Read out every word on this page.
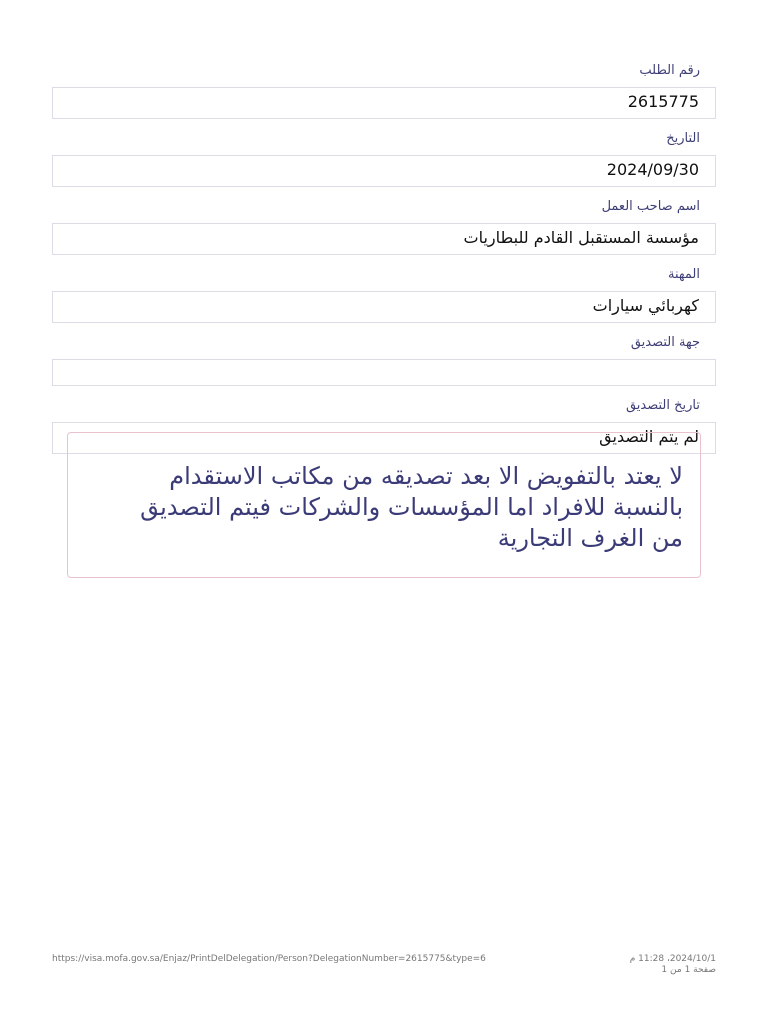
رقم الطلب
2615775
التاريخ
2024/09/30
اسم صاحب العمل
مؤسسة المستقبل القادم للبطاريات
المهنة
كهربائي سيارات
جهة التصديق
تاريخ التصديق
لم يتم التصديق
لا يعتد بالتفويض الا بعد تصديقه من مكاتب الاستقدام بالنسبة للافراد اما المؤسسات والشركات فيتم التصديق من الغرف التجارية
https://visa.mofa.gov.sa/Enjaz/PrintDelDelegation/Person?DelegationNumber=2615775&type=6	2024/10/1، 11:28 م
صفحة 1 من 1
